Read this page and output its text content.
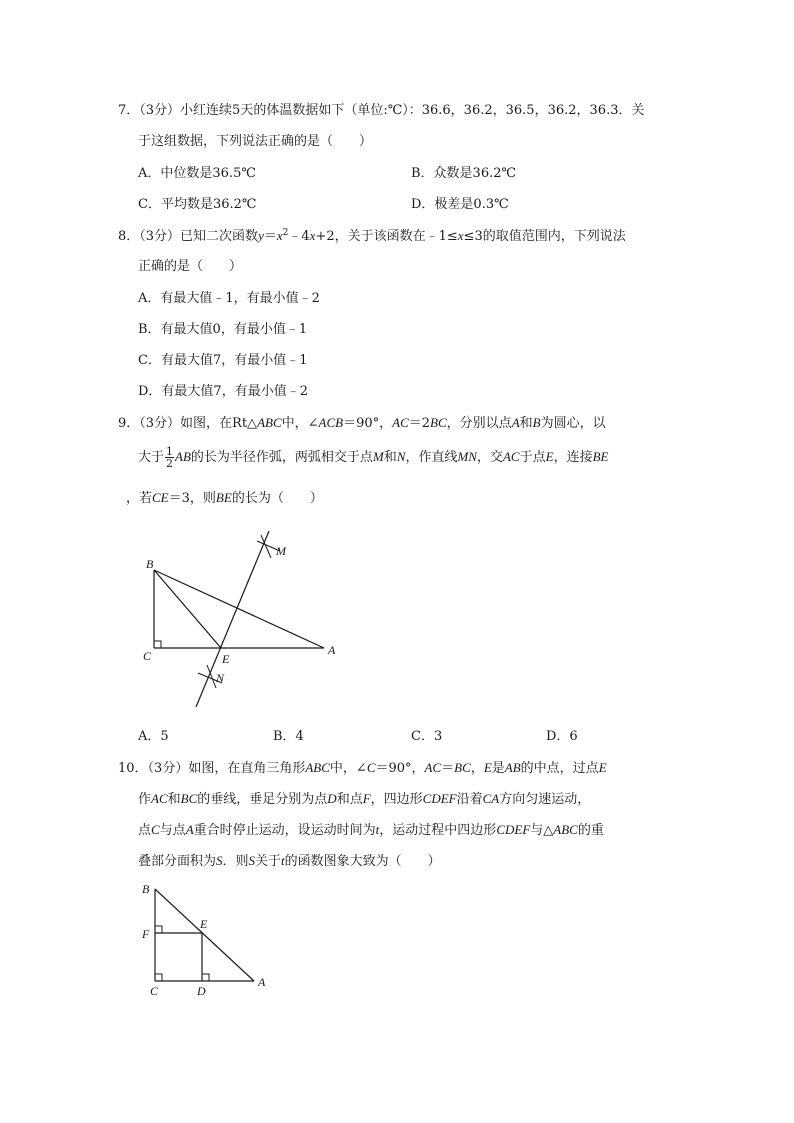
7．（3分）小红连续5天的体温数据如下（单位:℃）：36.6，36.2，36.5，36.2，36.3．关
于这组数据，下列说法正确的是（　　）
A．中位数是36.5℃	B．众数是36.2℃
C．平均数是36.2℃	D．极差是0.3℃
8．（3分）已知二次函数$y=x^2﹣4x+2$，关于该函数在﹣1≤x≤3的取值范围内，下列说法
正确的是（　　）
A．有最大值﹣1，有最小值﹣2
B．有最大值0，有最小值﹣1
C．有最大值7，有最小值﹣1
D．有最大值7，有最小值﹣2
9．（3分）如图，在Rt△ABC中，∠ACB＝90°，AC＝2BC，分别以点A和B为圆心，以
大于 $\frac{1}{2}$ AB的长为半径作弧，两弧相交于点M和N，作直线MN，交AC于点E，连接BE
，若CE＝3，则BE的长为（　　）
B
C	E
A
M
N
A．5	B．4	C．3	D．6
10．（3分）如图，在直角三角形ABC中，∠C＝90°，AC＝BC，E是AB的中点，过点E
作AC和BC的垂线，垂足分别为点D和点F，四边形CDEF沿着CA方向匀速运动，
点C与点A重合时停止运动，设运动时间为t，运动过程中四边形CDEF与△ABC的重
叠部分面积为S．则S关于t的函数图象大致为（　　）
B
F
E
C	D
A
